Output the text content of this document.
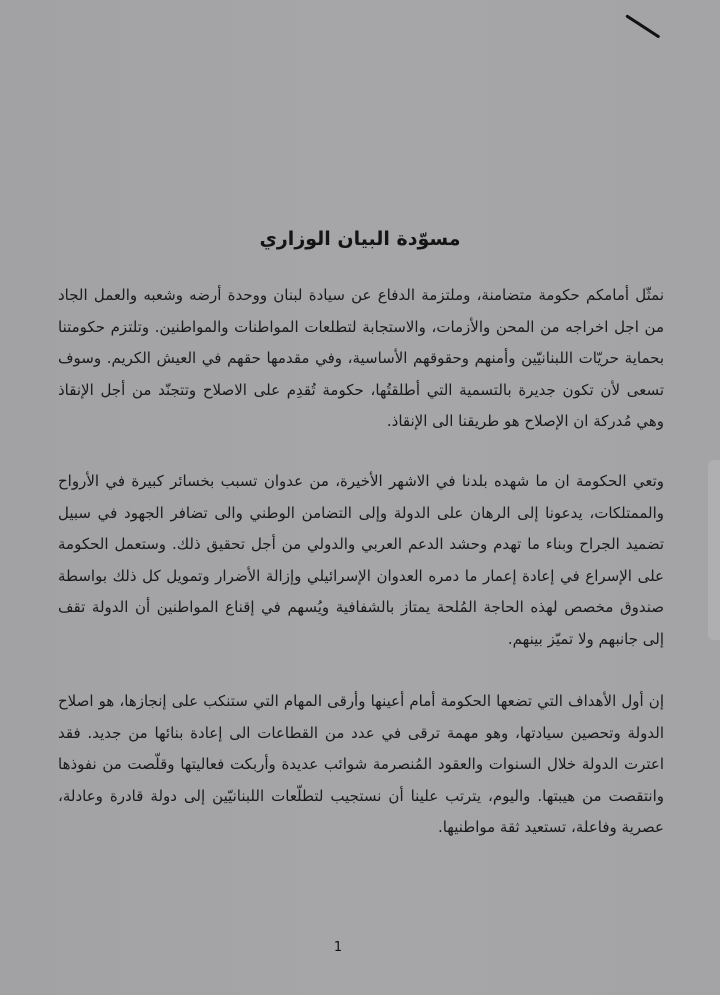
مسوّدة البيان الوزاري
نمثّل أمامكم حكومة متضامنة، وملتزمة الدفاع عن سيادة لبنان ووحدة أرضه وشعبه والعمل الجاد من اجل اخراجه من المحن والأزمات، والاستجابة لتطلعات المواطنات والمواطنين. وتلتزم حكومتنا بحماية حريّات اللبنانيّين وأمنهم وحقوقهم الأساسية، وفي مقدمها حقهم في العيش الكريم. وسوف تسعى لأن تكون جديرة بالتسمية التي أطلقتُها، حكومة تُقدِم على الاصلاح وتتجنّد من أجل الإنقاذ وهي مُدركة ان الإصلاح هو طريقنا الى الإنقاذ.
وتعي الحكومة ان ما شهده بلدنا في الاشهر الأخيرة، من عدوان تسبب بخسائر كبيرة في الأرواح والممتلكات، يدعونا إلى الرهان على الدولة وإلى التضامن الوطني والى تضافر الجهود في سبيل تضميد الجراح وبناء ما تهدم وحشد الدعم العربي والدولي من أجل تحقيق ذلك. وستعمل الحكومة على الإسراع في إعادة إعمار ما دمره العدوان الإسرائيلي وإزالة الأضرار وتمويل كل ذلك بواسطة صندوق مخصص لهذه الحاجة المُلحة يمتاز بالشفافية ويُسهم في إقناع المواطنين أن الدولة تقف إلى جانبهم ولا تميّز بينهم.
إن أول الأهداف التي تضعها الحكومة أمام أعينها وأرقى المهام التي ستنكب على إنجازها، هو اصلاح الدولة وتحصين سيادتها، وهو مهمة ترقى في عدد من القطاعات الى إعادة بنائها من جديد. فقد اعترت الدولة خلال السنوات والعقود المُنصرمة شوائب عديدة وأربكت فعاليتها وقلّصت من نفوذها وانتقصت من هيبتها. واليوم، يترتب علينا أن نستجيب لتطلّعات اللبنانيّين إلى دولة قادرة وعادلة، عصرية وفاعلة، تستعيد ثقة مواطنيها.
1
